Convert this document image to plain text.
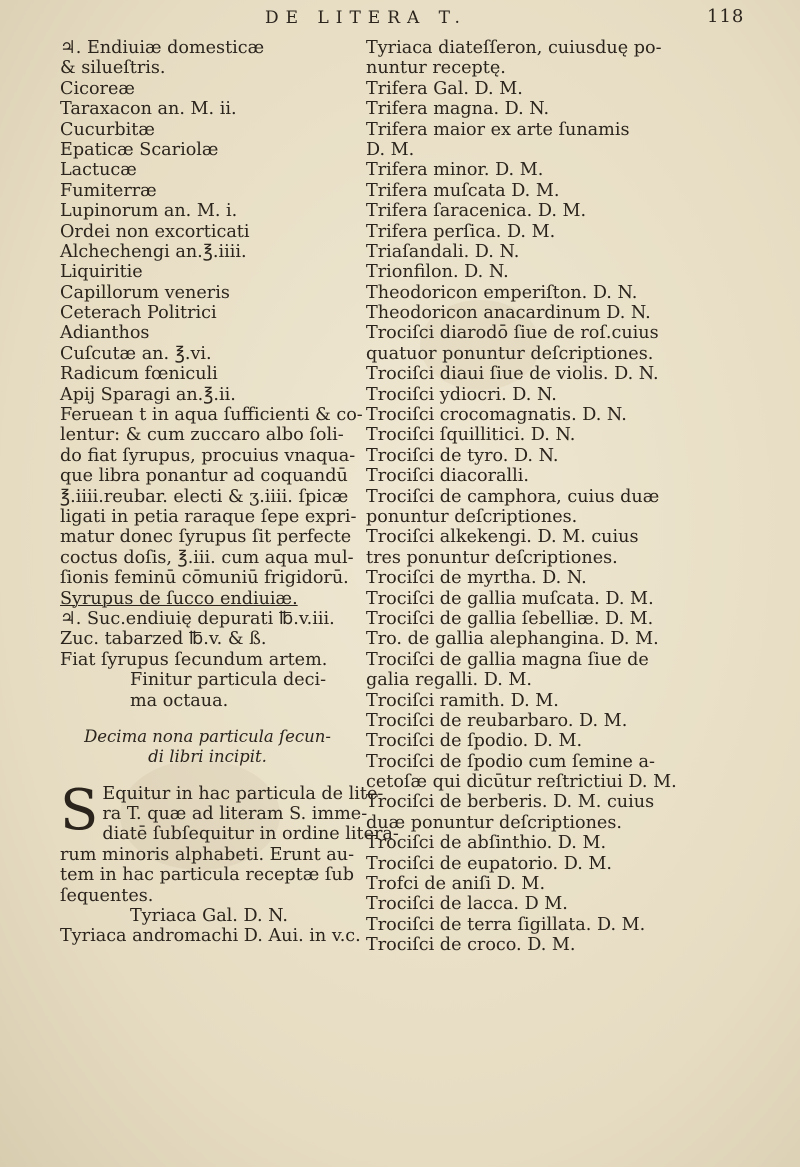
DE LITERA T.	118
♃. Endiuiæ domesticæ
& silueſtris.
Cicoreæ
Taraxacon an. M. ii.
Cucurbitæ
Epaticæ Scariolæ
Lactucæ
Fumiterræ
Lupinorum an. M. i.
Ordei non excorticati
Alchechengi an.℥.iiii.
Liquiritie
Capillorum veneris
Ceterach Politrici
Adianthos
Cuſcutæ an. ℥.vi.
Radicum fœniculi
Apij Sparagi an.℥.ii.
Feruean t in aqua ſufficienti & co-
lentur: & cum zuccaro albo ſoli-
do fiat ſyrupus, procuius vnaqua-
que libra ponantur ad coquandū
℥.iiii.reubar. electi & ʒ.iiii. ſpicæ
ligati in petia raraque ſepe expri-
matur donec ſyrupus ſit perfecte
coctus doſis, ℥.iii. cum aqua mul-
ſionis feminū cōmuniū frigidorū.
Syrupus de ſucco endiuiæ.
♃. Suc.endiuię depurati ℔.v.iii.
Zuc. tabarzed ℔.v. & ß.
Fiat ſyrupus ſecundum artem.
Finitur particula deci-
ma octaua.
Decima nona particula ſecun-
di libri incipit.
S Equitur in hac particula de lite-
ra T. quæ ad literam S. imme-
diatē ſubſequitur in ordine litera-
rum minoris alphabeti. Erunt au-
tem in hac particula receptæ ſub
ſequentes.
Tyriaca Gal. D. N.
Tyriaca andromachi D. Aui. in v.c.
Tyriaca diateſſeron, cuiusduę po-
nuntur receptę.
Trifera Gal. D. M.
Trifera magna. D. N.
Trifera maior ex arte ſunamis
D. M.
Trifera minor. D. M.
Trifera muſcata D. M.
Trifera ſaracenica. D. M.
Trifera perſica. D. M.
Triaſandali. D. N.
Trionfilon. D. N.
Theodoricon emperiſton. D. N.
Theodoricon anacardinum D. N.
Trociſci diarodō ſiue de roſ.cuius
quatuor ponuntur deſcriptiones.
Trociſci diaui ſiue de violis. D. N.
Trociſci ydiocri. D. N.
Trociſci crocomagnatis. D. N.
Trociſci ſquillitici. D. N.
Trociſci de tyro. D. N.
Trociſci diacoralli.
Trociſci de camphora, cuius duæ
ponuntur deſcriptiones.
Trociſci alkekengi. D. M. cuius
tres ponuntur deſcriptiones.
Trociſci de myrtha. D. N.
Trociſci de gallia muſcata. D. M.
Trociſci de gallia ſebelliæ. D. M.
Tro. de gallia alephangina. D. M.
Trociſci de gallia magna ſiue de
galia regalli. D. M.
Trociſci ramith. D. M.
Trociſci de reubarbaro. D. M.
Trociſci de ſpodio. D. M.
Trociſci de ſpodio cum ſemine a-
cetoſæ qui dicūtur reſtrictiui D. M.
Trociſci de berberis. D. M. cuius
duæ ponuntur deſcriptiones.
Trociſci de abſinthio. D. M.
Trociſci de eupatorio. D. M.
Trofci de aniſi D. M.
Trociſci de lacca. D M.
Trociſci de terra ſigillata. D. M.
Trociſci de croco. D. M.
